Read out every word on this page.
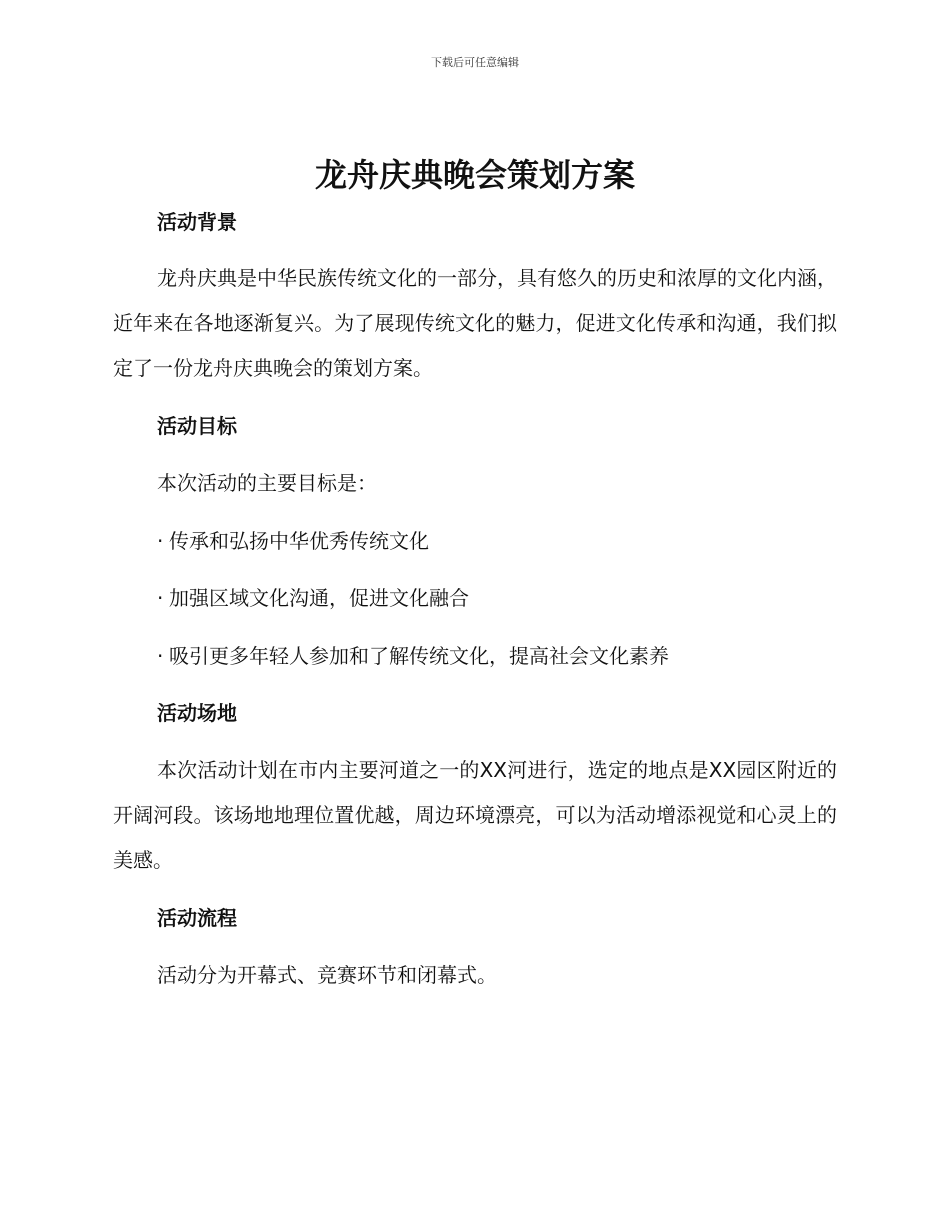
下载后可任意编辑
龙舟庆典晚会策划方案
活动背景

龙舟庆典是中华民族传统文化的一部分，具有悠久的历史和浓厚的文化内涵，近年来在各地逐渐复兴。为了展现传统文化的魅力，促进文化传承和沟通，我们拟定了一份龙舟庆典晚会的策划方案。

活动目标

本次活动的主要目标是：

· 传承和弘扬中华优秀传统文化

· 加强区域文化沟通，促进文化融合

· 吸引更多年轻人参加和了解传统文化，提高社会文化素养

活动场地

本次活动计划在市内主要河道之一的XX河进行，选定的地点是XX园区附近的开阔河段。该场地地理位置优越，周边环境漂亮，可以为活动增添视觉和心灵上的美感。

活动流程

活动分为开幕式、竞赛环节和闭幕式。
